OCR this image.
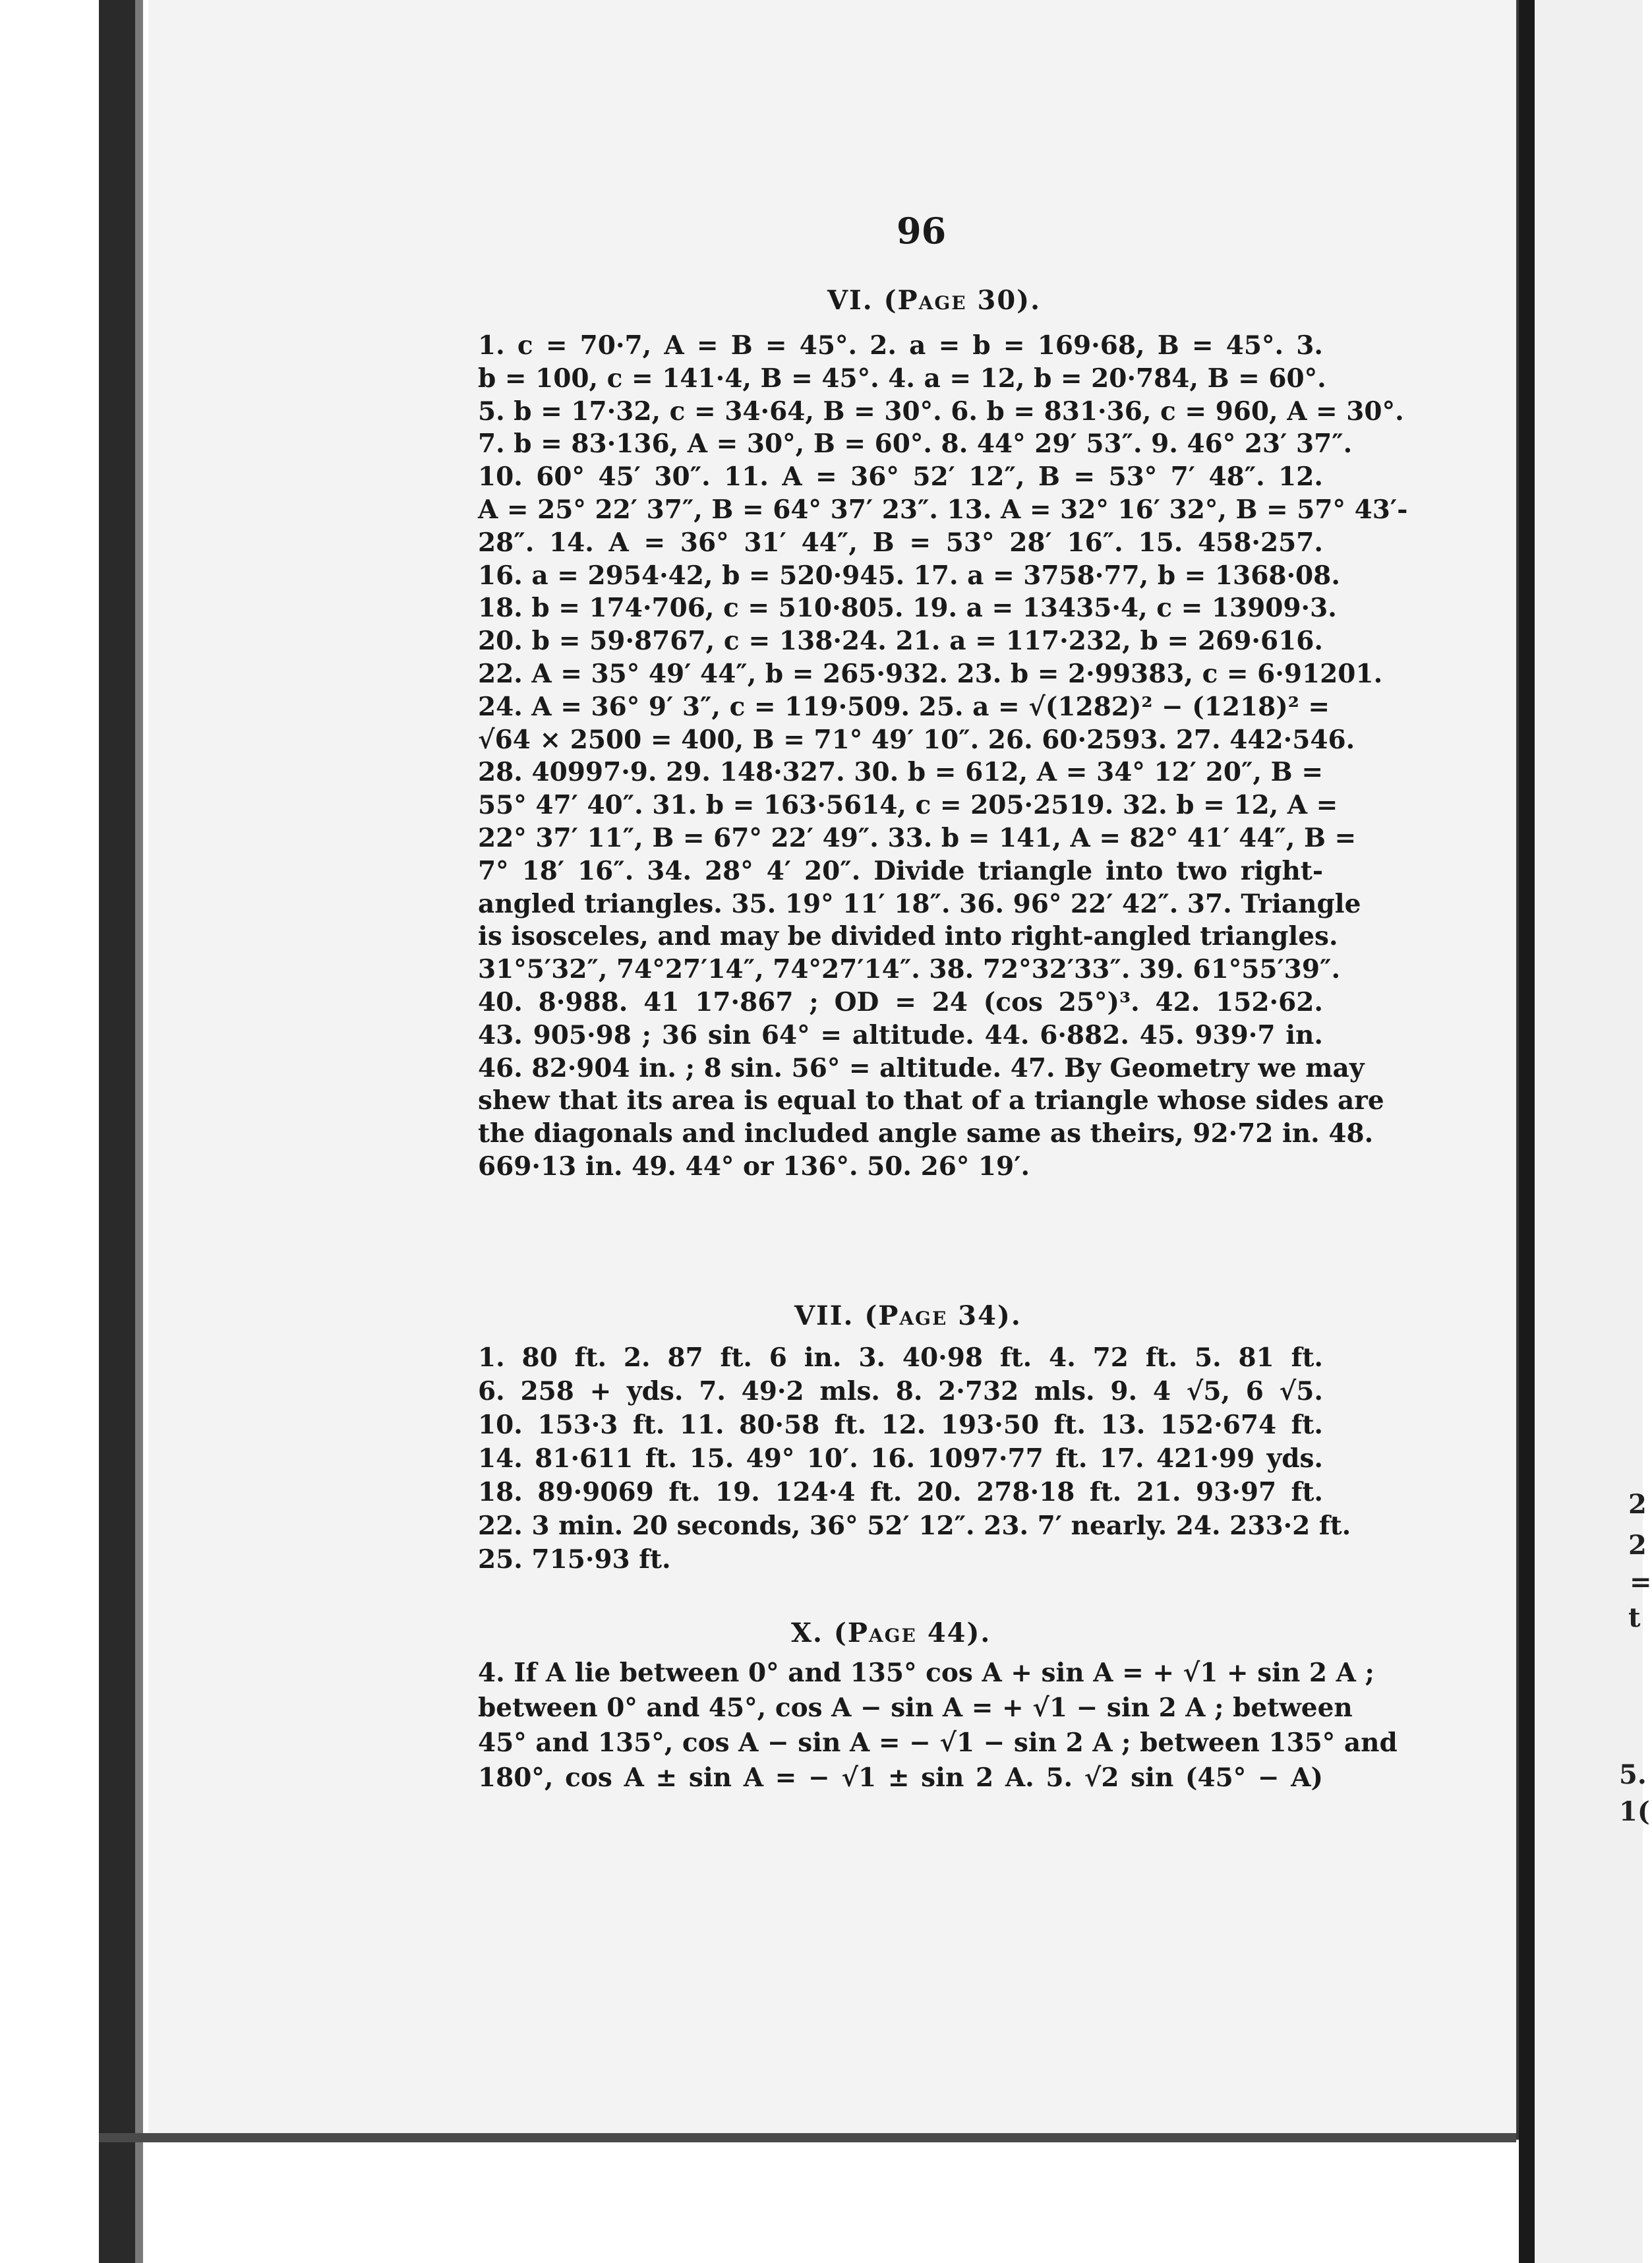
2
2
=
t
5.
1(
96
VI. (Page 30).
1. c = 70·7, A = B = 45°. 2. a = b = 169·68, B = 45°. 3.
b = 100, c = 141·4, B = 45°. 4. a = 12, b = 20·784, B = 60°.
5. b = 17·32, c = 34·64, B = 30°. 6. b = 831·36, c = 960, A = 30°.
7. b = 83·136, A = 30°, B = 60°. 8. 44° 29′ 53″. 9. 46° 23′ 37″.
10. 60° 45′ 30″. 11. A = 36° 52′ 12″, B = 53° 7′ 48″. 12.
A = 25° 22′ 37″, B = 64° 37′ 23″. 13. A = 32° 16′ 32°, B = 57° 43′-
28″. 14. A = 36° 31′ 44″, B = 53° 28′ 16″. 15. 458·257.
16. a = 2954·42, b = 520·945. 17. a = 3758·77, b = 1368·08.
18. b = 174·706, c = 510·805. 19. a = 13435·4, c = 13909·3.
20. b = 59·8767, c = 138·24. 21. a = 117·232, b = 269·616.
22. A = 35° 49′ 44″, b = 265·932. 23. b = 2·99383, c = 6·91201.
24. A = 36° 9′ 3″, c = 119·509. 25. a = √(1282)² − (1218)² =
√64 × 2500 = 400, B = 71° 49′ 10″. 26. 60·2593. 27. 442·546.
28. 40997·9. 29. 148·327. 30. b = 612, A = 34° 12′ 20″, B =
55° 47′ 40″. 31. b = 163·5614, c = 205·2519. 32. b = 12, A =
22° 37′ 11″, B = 67° 22′ 49″. 33. b = 141, A = 82° 41′ 44″, B =
7° 18′ 16″. 34. 28° 4′ 20″. Divide triangle into two right-
angled triangles. 35. 19° 11′ 18″. 36. 96° 22′ 42″. 37. Triangle
is isosceles, and may be divided into right-angled triangles.
31°5′32″, 74°27′14″, 74°27′14″. 38. 72°32′33″. 39. 61°55′39″.
40. 8·988. 41 17·867 ; OD = 24 (cos 25°)³. 42. 152·62.
43. 905·98 ; 36 sin 64° = altitude. 44. 6·882. 45. 939·7 in.
46. 82·904 in. ; 8 sin. 56° = altitude. 47. By Geometry we may
shew that its area is equal to that of a triangle whose sides are
the diagonals and included angle same as theirs, 92·72 in. 48.
669·13 in. 49. 44° or 136°. 50. 26° 19′.
VII. (Page 34).
1. 80 ft. 2. 87 ft. 6 in. 3. 40·98 ft. 4. 72 ft. 5. 81 ft.
6. 258 + yds. 7. 49·2 mls. 8. 2·732 mls. 9. 4 √5, 6 √5.
10. 153·3 ft. 11. 80·58 ft. 12. 193·50 ft. 13. 152·674 ft.
14. 81·611 ft. 15. 49° 10′. 16. 1097·77 ft. 17. 421·99 yds.
18. 89·9069 ft. 19. 124·4 ft. 20. 278·18 ft. 21. 93·97 ft.
22. 3 min. 20 seconds, 36° 52′ 12″. 23. 7′ nearly. 24. 233·2 ft.
25. 715·93 ft.
X. (Page 44).
4. If A lie between 0° and 135° cos A + sin A = + √1 + sin 2 A ;
between 0° and 45°, cos A − sin A = + √1 − sin 2 A ; between
45° and 135°, cos A − sin A = − √1 − sin 2 A ; between 135° and
180°, cos A ± sin A = − √1 ± sin 2 A. 5. √2 sin (45° − A)
